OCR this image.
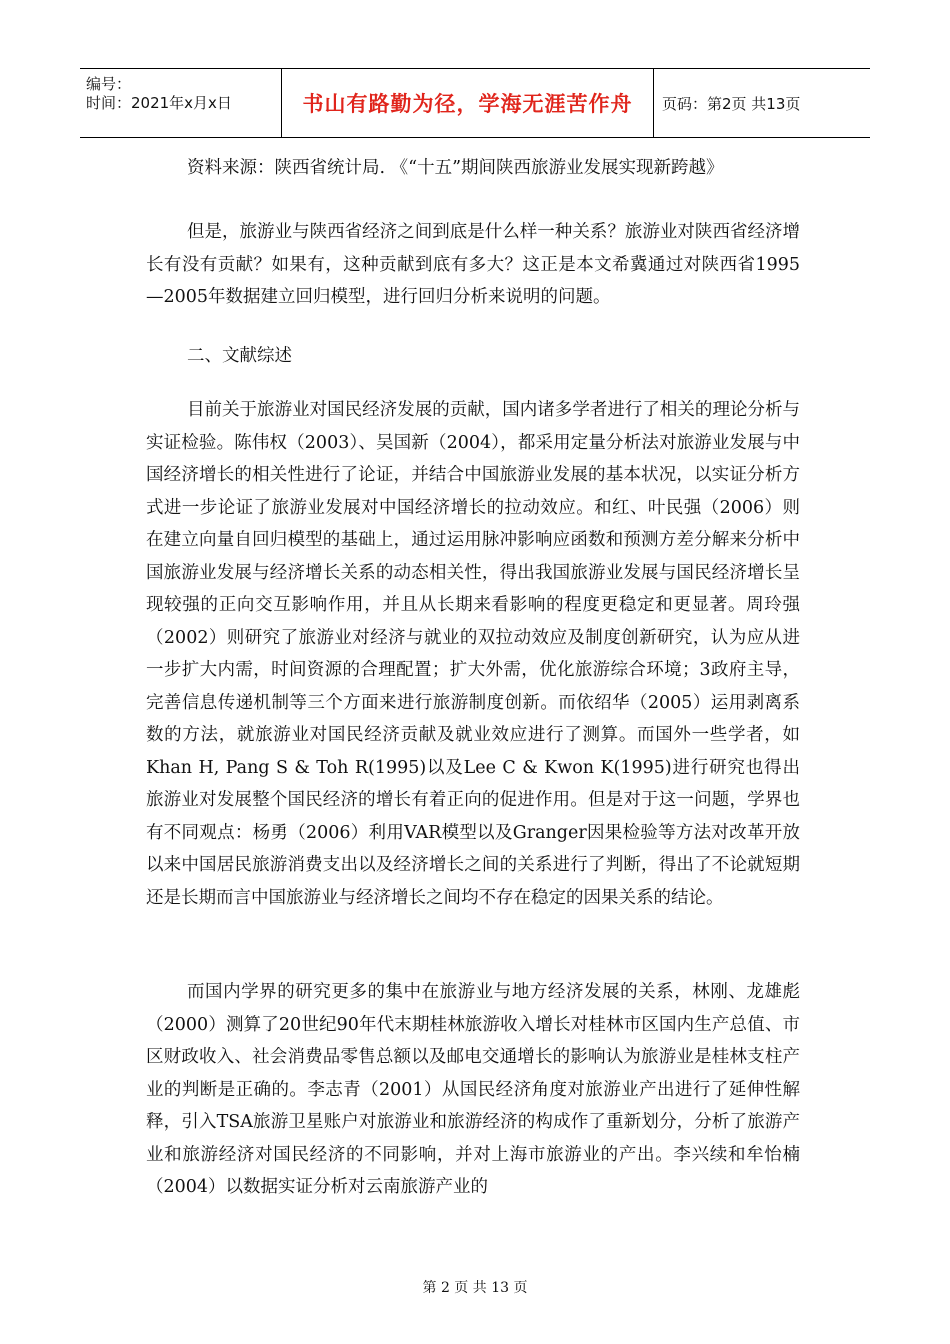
编号：
时间：2021年x月x日	书山有路勤为径，学海无涯苦作舟 页码：第2页 共13页
资料来源：陕西省统计局. 《“十五”期间陕西旅游业发展实现新跨越》

但是，旅游业与陕西省经济之间到底是什么样一种关系？旅游业对陕西省经济增长有没有贡献？如果有，这种贡献到底有多大？这正是本文希冀通过对陕西省1995—2005年数据建立回归模型，进行回归分析来说明的问题。

二、文献综述

目前关于旅游业对国民经济发展的贡献，国内诸多学者进行了相关的理论分析与实证检验。陈伟权（2003）、吴国新（2004），都采用定量分析法对旅游业发展与中国经济增长的相关性进行了论证，并结合中国旅游业发展的基本状况，以实证分析方式进一步论证了旅游业发展对中国经济增长的拉动效应。和红、叶民强（2006）则在建立向量自回归模型的基础上，通过运用脉冲影响应函数和预测方差分解来分析中国旅游业发展与经济增长关系的动态相关性，得出我国旅游业发展与国民经济增长呈现较强的正向交互影响作用，并且从长期来看影响的程度更稳定和更显著。周玲强（2002）则研究了旅游业对经济与就业的双拉动效应及制度创新研究，认为应从进一步扩大内需，时间资源的合理配置；扩大外需，优化旅游综合环境；3政府主导，完善信息传递机制等三个方面来进行旅游制度创新。而依绍华（2005）运用剥离系数的方法，就旅游业对国民经济贡献及就业效应进行了测算。而国外一些学者，如Khan H, Pang S & Toh R(1995)以及Lee C & Kwon K(1995)进行研究也得出旅游业对发展整个国民经济的增长有着正向的促进作用。但是对于这一问题，学界也有不同观点：杨勇（2006）利用VAR模型以及Granger因果检验等方法对改革开放以来中国居民旅游消费支出以及经济增长之间的关系进行了判断，得出了不论就短期还是长期而言中国旅游业与经济增长之间均不存在稳定的因果关系的结论。

而国内学界的研究更多的集中在旅游业与地方经济发展的关系，林刚、龙雄彪（2000）测算了20世纪90年代末期桂林旅游收入增长对桂林市区国内生产总值、市区财政收入、社会消费品零售总额以及邮电交通增长的影响认为旅游业是桂林支柱产业的判断是正确的。李志青（2001）从国民经济角度对旅游业产出进行了延伸性解释，引入TSA旅游卫星账户对旅游业和旅游经济的构成作了重新划分，分析了旅游产业和旅游经济对国民经济的不同影响，并对上海市旅游业的产出。李兴续和牟怡楠（2004）以数据实证分析对云南旅游产业的

第 2 页 共 13 页
